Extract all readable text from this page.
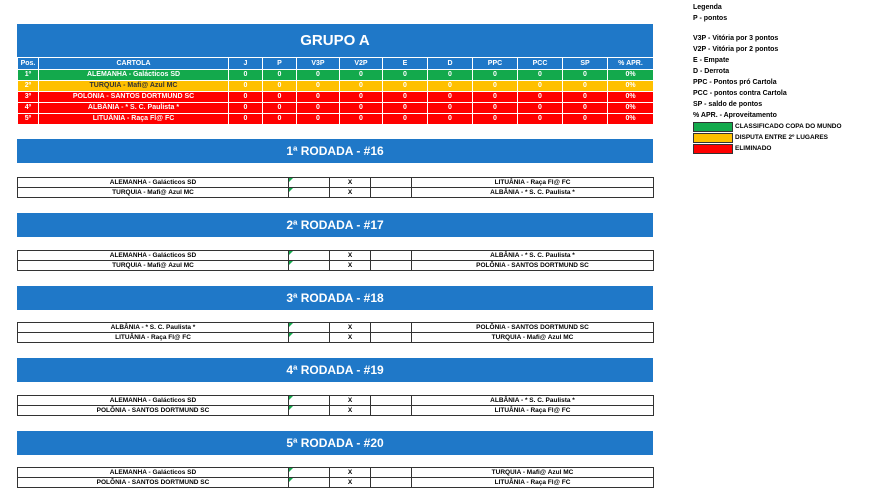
GRUPO A
Pos.	CARTOLA	J	P	V3P	V2P	E	D	PPC	PCC	SP	% APR.
1º	ALEMANHA - Galácticos SD	0	0	0	0	0	0	0	0	0	0%
2º	TURQUIA - Mafi@ Azul MC	0	0	0	0	0	0	0	0	0	0%
3º	POLÔNIA - SANTOS DORTMUND SC	0	0	0	0	0	0	0	0	0	0%
4º	ALBÂNIA - * S. C. Paulista *	0	0	0	0	0	0	0	0	0	0%
5º	LITUÂNIA - Raça Fl@ FC	0	0	0	0	0	0	0	0	0	0%
1ª RODADA - #16
ALEMANHA - Galácticos SD		X		LITUÂNIA - Raça Fl@ FC
TURQUIA - Mafi@ Azul MC		X		ALBÂNIA - * S. C. Paulista *
2ª RODADA - #17
ALEMANHA - Galácticos SD		X		ALBÂNIA - * S. C. Paulista *
TURQUIA - Mafi@ Azul MC		X		POLÔNIA - SANTOS DORTMUND SC
3ª RODADA - #18
ALBÂNIA - * S. C. Paulista *		X		POLÔNIA - SANTOS DORTMUND SC
LITUÂNIA - Raça Fl@ FC		X		TURQUIA - Mafi@ Azul MC
4ª RODADA - #19
ALEMANHA - Galácticos SD		X		ALBÂNIA - * S. C. Paulista *
POLÔNIA - SANTOS DORTMUND SC		X		LITUÂNIA - Raça Fl@ FC
5ª RODADA - #20
ALEMANHA - Galácticos SD		X		TURQUIA - Mafi@ Azul MC
POLÔNIA - SANTOS DORTMUND SC		X		LITUÂNIA - Raça Fl@ FC
Legenda
P - pontos
V3P - Vitória por 3 pontos
V2P - Vitória por 2 pontos
E - Empate
D - Derrota
PPC - Pontos pró Cartola
PCC - pontos contra Cartola
SP - saldo de pontos
% APR. - Aproveitamento
CLASSIFICADO COPA DO MUNDO
DISPUTA ENTRE 2º LUGARES
ELIMINADO
